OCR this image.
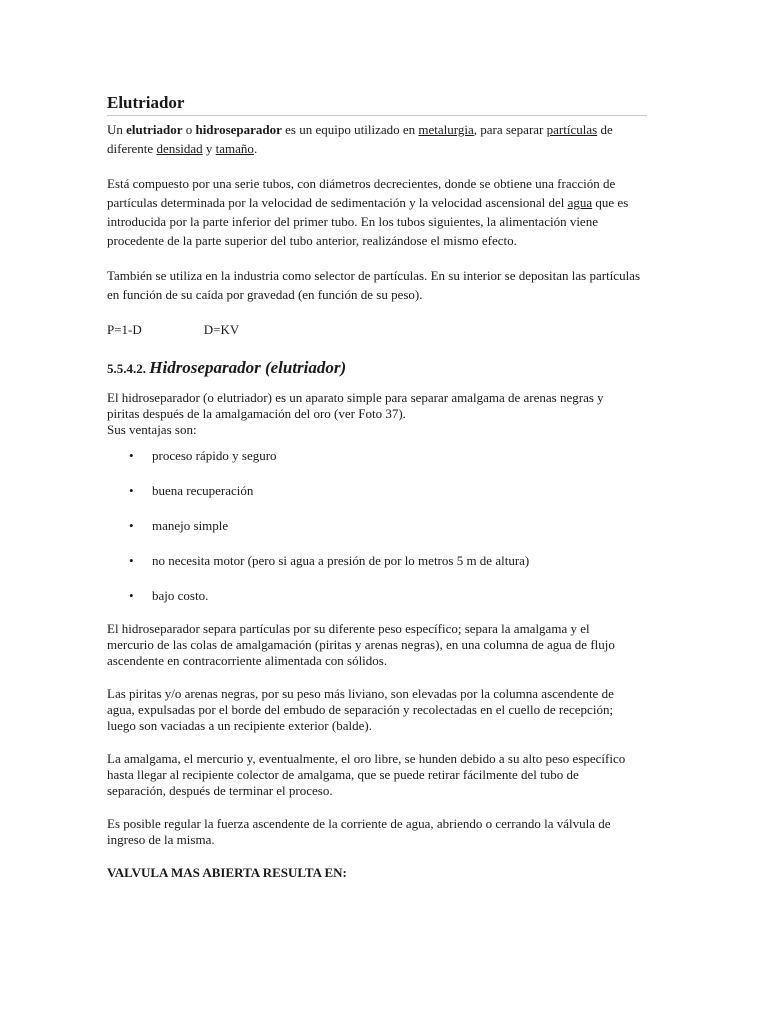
Elutriador

Un elutriador o hidroseparador es un equipo utilizado en metalurgia, para separar partículas de diferente densidad y tamaño.

Está compuesto por una serie tubos, con diámetros decrecientes, donde se obtiene una fracción de partículas determinada por la velocidad de sedimentación y la velocidad ascensional del agua que es introducida por la parte inferior del primer tubo. En los tubos siguientes, la alimentación viene procedente de la parte superior del tubo anterior, realizándose el mismo efecto.

También se utiliza en la industria como selector de partículas. En su interior se depositan las partículas en función de su caída por gravedad (en función de su peso).

P=1-D	D=KV
5.5.4.2. Hidroseparador (elutriador)

El hidroseparador (o elutriador) es un aparato simple para separar amalgama de arenas negras y

piritas después de la amalgamación del oro (ver Foto 37).

Sus ventajas son:

• proceso rápido y seguro
• buena recuperación
• manejo simple
• no necesita motor (pero si agua a presión de por lo metros 5 m de altura)
• bajo costo.

El hidroseparador separa partículas por su diferente peso específico; separa la amalgama y el

mercurio de las colas de amalgamación (piritas y arenas negras), en una columna de agua de flujo

ascendente en contracorriente alimentada con sólidos.

Las piritas y/o arenas negras, por su peso más liviano, son elevadas por la columna ascendente de

agua, expulsadas por el borde del embudo de separación y recolectadas en el cuello de recepción;

luego son vaciadas a un recipiente exterior (balde).

La amalgama, el mercurio y, eventualmente, el oro libre, se hunden debido a su alto peso específico

hasta llegar al recipiente colector de amalgama, que se puede retirar fácilmente del tubo de

separación, después de terminar el proceso.

Es posible regular la fuerza ascendente de la corriente de agua, abriendo o cerrando la válvula de

ingreso de la misma.

VALVULA MAS ABIERTA RESULTA EN:
